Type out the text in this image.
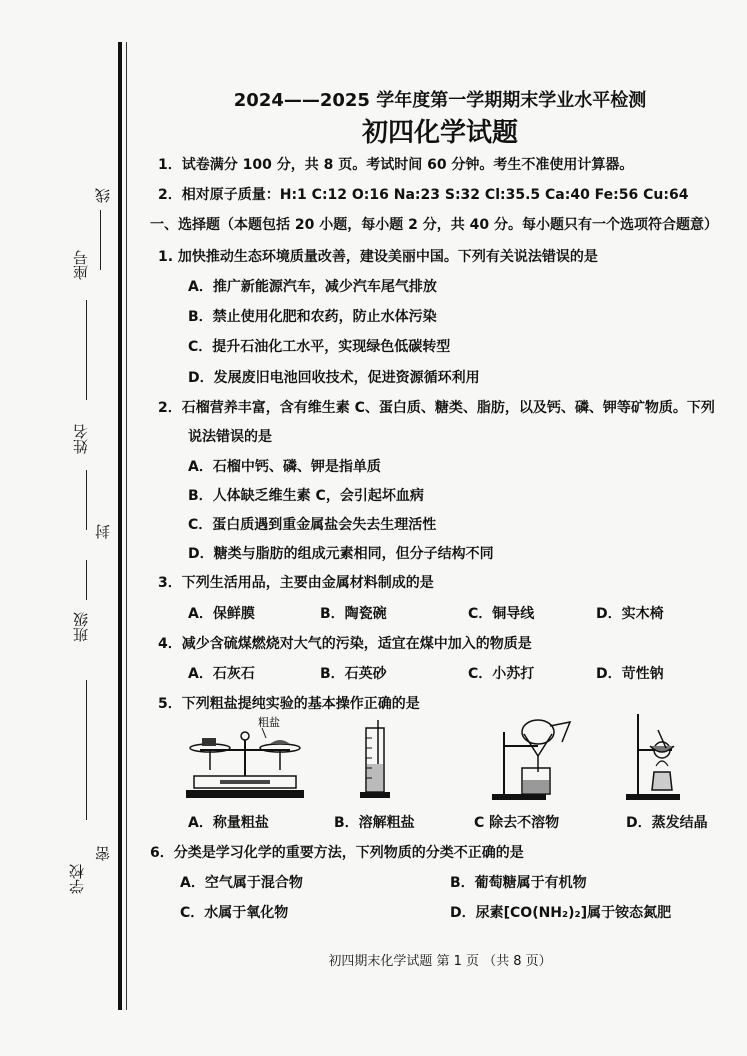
线
座号
姓名
封
班级
密
学校
2024——2025 学年度第一学期期末学业水平检测
初四化学试题
1．试卷满分 100 分，共 8 页。考试时间 60 分钟。考生不准使用计算器。
2．相对原子质量：H:1 C:12 O:16 Na:23 S:32 Cl:35.5 Ca:40 Fe:56 Cu:64
一、选择题（本题包括 20 小题，每小题 2 分，共 40 分。每小题只有一个选项符合题意）
1. 加快推动生态环境质量改善，建设美丽中国。下列有关说法错误的是
A．推广新能源汽车，减少汽车尾气排放
B．禁止使用化肥和农药，防止水体污染
C．提升石油化工水平，实现绿色低碳转型
D．发展废旧电池回收技术，促进资源循环利用
2．石榴营养丰富，含有维生素 C、蛋白质、糖类、脂肪，以及钙、磷、钾等矿物质。下列
说法错误的是
A．石榴中钙、磷、钾是指单质
B．人体缺乏维生素 C，会引起坏血病
C．蛋白质遇到重金属盐会失去生理活性
D．糖类与脂肪的组成元素相同，但分子结构不同
3．下列生活用品，主要由金属材料制成的是
A．保鲜膜	B．陶瓷碗	C．铜导线	D．实木椅
4．减少含硫煤燃烧对大气的污染，适宜在煤中加入的物质是
A．石灰石	B．石英砂	C．小苏打	D．苛性钠
5．下列粗盐提纯实验的基本操作正确的是
粗盐
A．称量粗盐	B．溶解粗盐	C 除去不溶物	D．蒸发结晶
6．分类是学习化学的重要方法，下列物质的分类不正确的是
A．空气属于混合物	B．葡萄糖属于有机物
C．水属于氧化物	D．尿素[CO(NH₂)₂]属于铵态氮肥
初四期末化学试题 第 1 页 （共 8 页）
